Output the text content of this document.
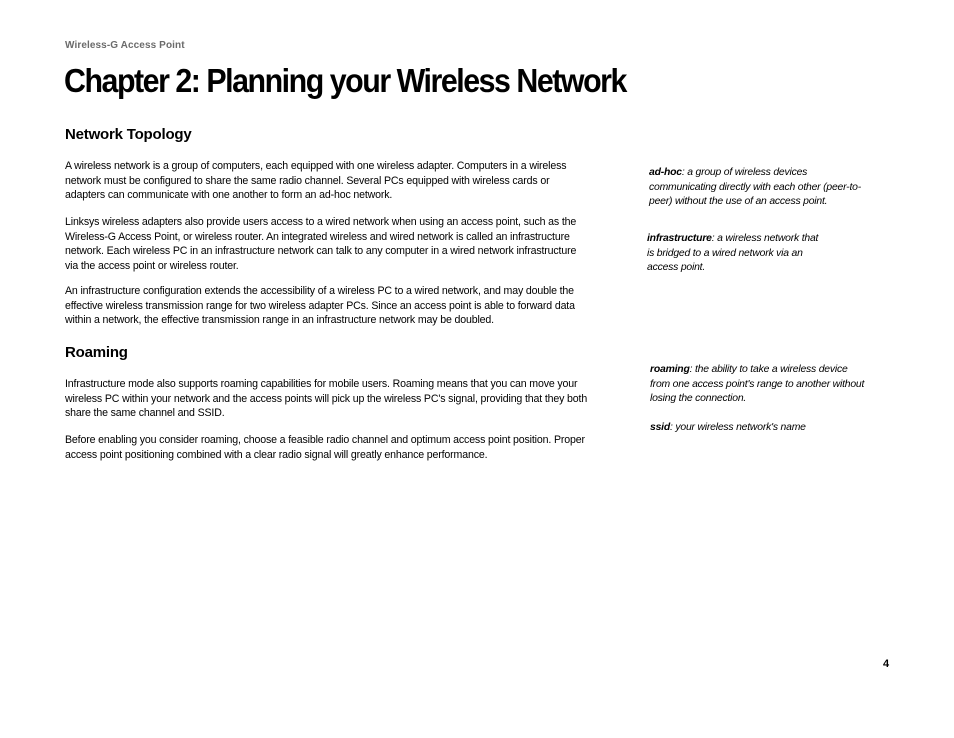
Wireless-G Access Point
Chapter 2: Planning your Wireless Network
Network Topology

A wireless network is a group of computers, each equipped with one wireless adapter. Computers in a wireless network must be configured to share the same radio channel. Several PCs equipped with wireless cards or adapters can communicate with one another to form an ad-hoc network.

Linksys wireless adapters also provide users access to a wired network when using an access point, such as the Wireless-G Access Point, or wireless router. An integrated wireless and wired network is called an infrastructure network. Each wireless PC in an infrastructure network can talk to any computer in a wired network infrastructure via the access point or wireless router.

An infrastructure configuration extends the accessibility of a wireless PC to a wired network, and may double the effective wireless transmission range for two wireless adapter PCs. Since an access point is able to forward data within a network, the effective transmission range in an infrastructure network may be doubled.

Roaming

Infrastructure mode also supports roaming capabilities for mobile users. Roaming means that you can move your wireless PC within your network and the access points will pick up the wireless PC's signal, providing that they both share the same channel and SSID.

Before enabling you consider roaming, choose a feasible radio channel and optimum access point position. Proper access point positioning combined with a clear radio signal will greatly enhance performance.

ad-hoc: a group of wireless devices communicating directly with each other (peer-to-peer) without the use of an access point.
infrastructure: a wireless network that is bridged to a wired network via an access point.
roaming: the ability to take a wireless device from one access point's range to another without losing the connection.
ssid: your wireless network's name
4
